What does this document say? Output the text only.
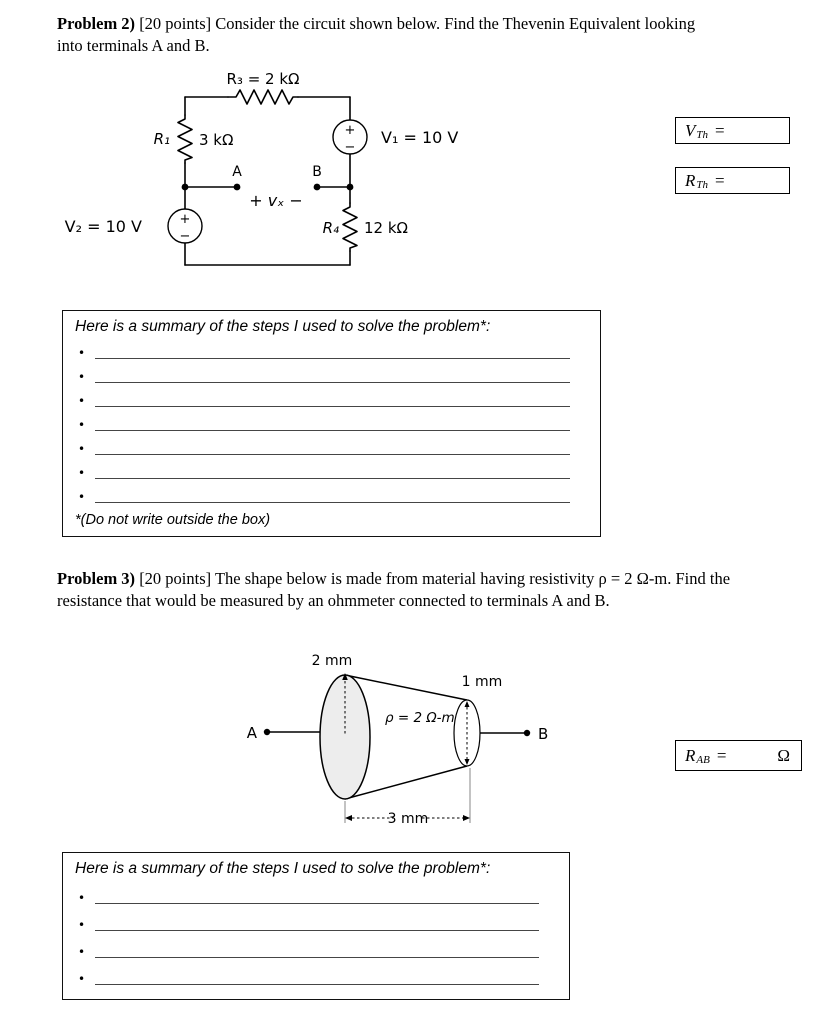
Problem 2) [20 points] Consider the circuit shown below. Find the Thevenin Equivalent looking into terminals A and B.

+
−
+
−
R₃ = 2 kΩ
R₁ 3 kΩ	V₁ = 10 V
V₂ = 10 V	R₄ 12 kΩ
A	B
+ vₓ −
V Th =
R Th =
Here is a summary of the steps I used to solve the problem*:
•
•
•
•
•
•
•
*(Do not write outside the box)

Problem 3) [20 points] The shape below is made from material having resistivity ρ = 2 Ω-m. Find the resistance that would be measured by an ohmmeter connected to terminals A and B.

2 mm
1 mm
ρ = 2 Ω-m
3 mm
A	B
R AB =	Ω
Here is a summary of the steps I used to solve the problem*:
•
•
•
•
